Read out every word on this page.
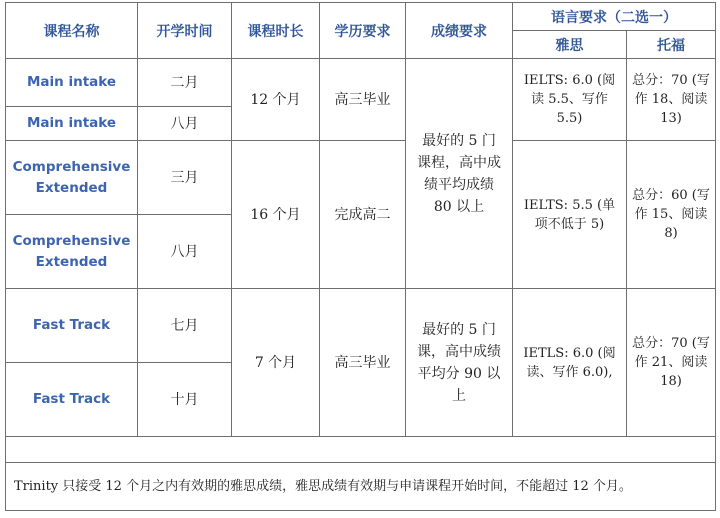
课程名称	开学时间	课程时长	学历要求	成绩要求	语言要求（二选一）	
					雅思	托福
Main intake	二月	12 个月	高三毕业	最好的 5 门课程，高中成绩平均成绩 80 以上	IELTS: 6.0 (阅读 5.5、写作 5.5)	总分：70 (写作 18、阅读 13)
Main intake	八月					
Comprehensive Extended	三月	16 个月	完成高二		IELTS: 5.5 (单项不低于 5)	总分：60 (写作 15、阅读 8)
Comprehensive Extended	八月					
Fast Track	七月	7 个月	高三毕业	最好的 5 门课，高中成绩平均分 90 以上	IETLS: 6.0 (阅读、写作 6.0),	总分：70 (写作 21、阅读 18)
Fast Track	十月					

Trinity 只接受 12 个月之内有效期的雅思成绩，雅思成绩有效期与申请课程开始时间，不能超过 12 个月。						
